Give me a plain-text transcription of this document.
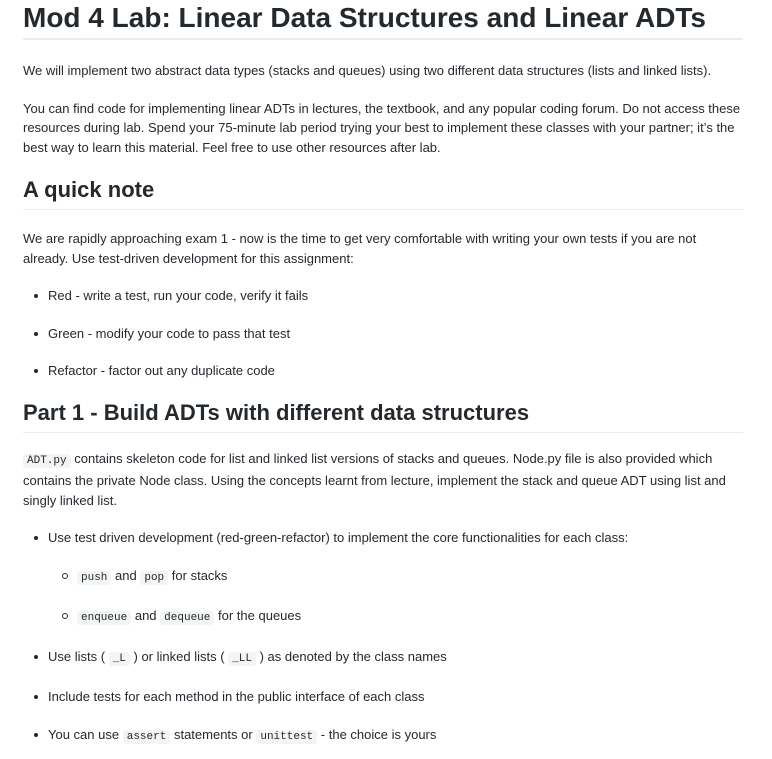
Mod 4 Lab: Linear Data Structures and Linear ADTs

We will implement two abstract data types (stacks and queues) using two different data structures (lists and linked lists).

You can find code for implementing linear ADTs in lectures, the textbook, and any popular coding forum. Do not access these resources during lab. Spend your 75-minute lab period trying your best to implement these classes with your partner; it’s the best way to learn this material. Feel free to use other resources after lab.

A quick note

We are rapidly approaching exam 1 - now is the time to get very comfortable with writing your own tests if you are not already. Use test-driven development for this assignment:

Red - write a test, run your code, verify it fails
Green - modify your code to pass that test
Refactor - factor out any duplicate code
Part 1 - Build ADTs with different data structures

ADT.py contains skeleton code for list and linked list versions of stacks and queues. Node.py file is also provided which contains the private Node class. Using the concepts learnt from lecture, implement the stack and queue ADT using list and singly linked list.

Use test driven development (red-green-refactor) to implement the core functionalities for each class:
push and pop for stacks
enqueue and dequeue for the queues
Use lists ( _L ) or linked lists ( _LL ) as denoted by the class names
Include tests for each method in the public interface of each class
You can use assert statements or unittest - the choice is yours
